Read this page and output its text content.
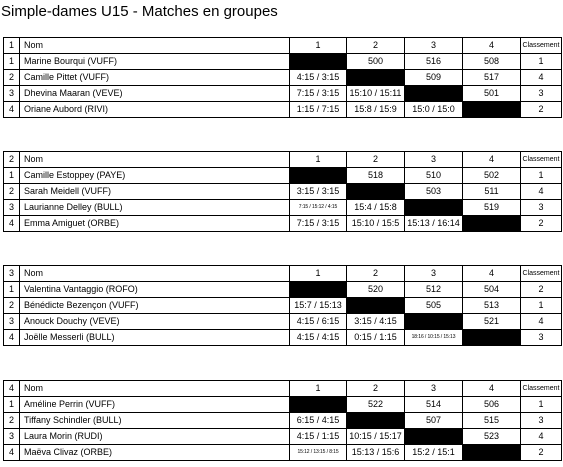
Simple-dames U15 - Matches en groupes
1	Nom	1	2	3	4	Classement
1	Marine Bourqui (VUFF)		500	516	508	1
2	Camille Pittet (VUFF)	4:15 / 3:15		509	517	4
3	Dhevina Maaran (VEVE)	7:15 / 3:15	15:10 / 15:11		501	3
4	Oriane Aubord (RIVI)	1:15 / 7:15	15:8 / 15:9	15:0 / 15:0		2
2	Nom	1	2	3	4	Classement
1	Camille Estoppey (PAYE)		518	510	502	1
2	Sarah Meidell (VUFF)	3:15 / 3:15		503	511	4
3	Laurianne Delley (BULL)	7:15 / 15:12 / 4:15	15:4 / 15:8		519	3
4	Emma Amiguet (ORBE)	7:15 / 3:15	15:10 / 15:5	15:13 / 16:14		2
3	Nom	1	2	3	4	Classement
1	Valentina Vantaggio (ROFO)		520	512	504	2
2	Bénédicte Bezençon (VUFF)	15:7 / 15:13		505	513	1
3	Anouck Douchy (VEVE)	4:15 / 6:15	3:15 / 4:15		521	4
4	Joëlle Messerli (BULL)	4:15 / 4:15	0:15 / 1:15	18:16 / 10:15 / 15:13		3
4	Nom	1	2	3	4	Classement
1	Améline Perrin (VUFF)		522	514	506	1
2	Tiffany Schindler (BULL)	6:15 / 4:15		507	515	3
3	Laura Morin (RUDI)	4:15 / 1:15	10:15 / 15:17		523	4
4	Maëva Clivaz (ORBE)	15:12 / 13:15 / 8:15	15:13 / 15:6	15:2 / 15:1		2
